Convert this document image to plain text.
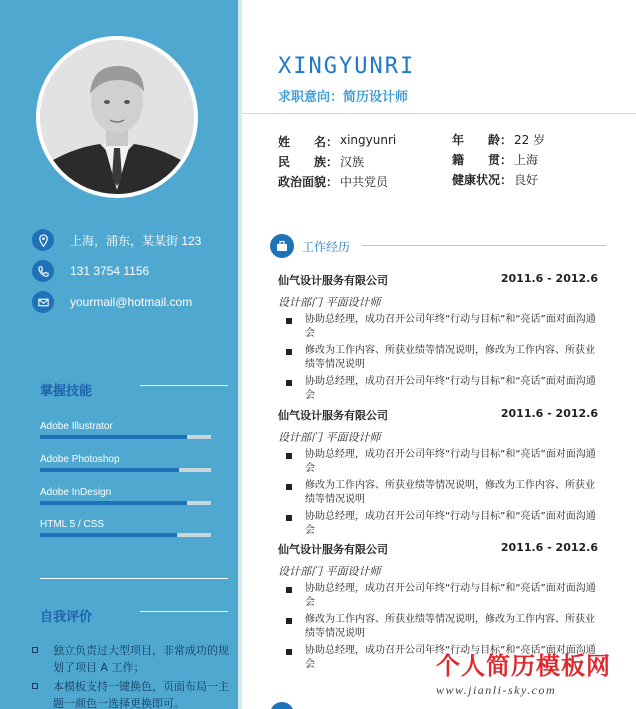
上海，浦东，某某街 123
131 3754 1156
yourmail@hotmail.com
掌握技能
Adobe Illustrator
Adobe Photoshop
Adobe InDesign
HTML 5 / CSS
自我评价
独立负责过大型项目，非常成功的规划了项目 A 工作；
本模板支持一键换色，页面布局一主题一颜色一选择更换即可。
XINGYUNRI
求职意向：简历设计师
姓　　名： xingyunri	年　　龄： 22 岁
民　　族： 汉族	籍　　贯： 上海
政治面貌： 中共党员	健康状况： 良好
工作经历
仙气设计服务有限公司	2011.6 - 2012.6
设计部门 平面设计师
协助总经理，成功召开公司年终“行动与目标”和“亮话”面对面沟通会
修改为工作内容、所获业绩等情况说明，修改为工作内容、所获业绩等情况说明
协助总经理，成功召开公司年终“行动与目标”和“亮话”面对面沟通会
仙气设计服务有限公司	2011.6 - 2012.6
设计部门 平面设计师
协助总经理，成功召开公司年终“行动与目标”和“亮话”面对面沟通会
修改为工作内容、所获业绩等情况说明，修改为工作内容、所获业绩等情况说明
协助总经理，成功召开公司年终“行动与目标”和“亮话”面对面沟通会
仙气设计服务有限公司	2011.6 - 2012.6
设计部门 平面设计师
协助总经理，成功召开公司年终“行动与目标”和“亮话”面对面沟通会
修改为工作内容、所获业绩等情况说明，修改为工作内容、所获业绩等情况说明
协助总经理，成功召开公司年终“行动与目标”和“亮话”面对面沟通会	个人简历模板网
www.jianli-sky.com
